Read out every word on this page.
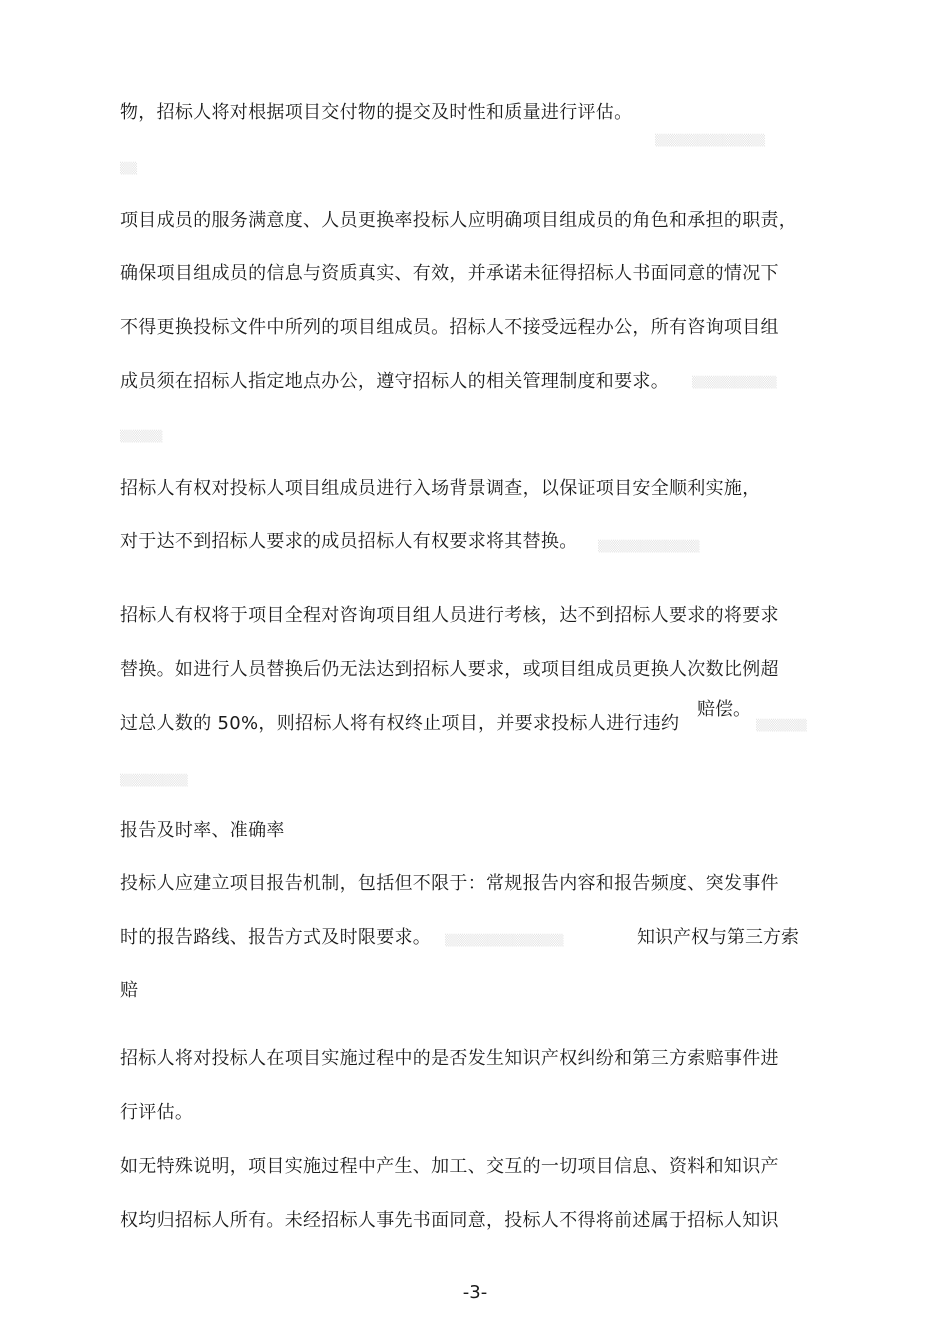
物，招标人将对根据项目交付物的提交及时性和质量进行评估。
▒▒▒▒▒▒▒▒▒▒▒▒▒
▒▒
项目成员的服务满意度、人员更换率投标人应明确项目组成员的角色和承担的职责，
确保项目组成员的信息与资质真实、有效，并承诺未征得招标人书面同意的情况下
不得更换投标文件中所列的项目组成员。招标人不接受远程办公，所有咨询项目组
成员须在招标人指定地点办公，遵守招标人的相关管理制度和要求。 ▒▒▒▒▒▒▒▒▒▒
▒▒▒▒▒
招标人有权对投标人项目组成员进行入场背景调查，以保证项目安全顺利实施，
对于达不到招标人要求的成员招标人有权要求将其替换。 ▒▒▒▒▒▒▒▒▒▒▒▒
招标人有权将于项目全程对咨询项目组人员进行考核，达不到招标人要求的将要求
替换。如进行人员替换后仍无法达到招标人要求，或项目组成员更换人次数比例超
过总人数的 50%，则招标人将有权终止项目，并要求投标人进行违约
赔偿。
▒▒▒▒▒▒
▒▒▒▒▒▒▒▒
报告及时率、准确率
投标人应建立项目报告机制，包括但不限于：常规报告内容和报告频度、突发事件
时的报告路线、报告方式及时限要求。 ▒▒▒▒▒▒▒▒▒▒▒▒▒▒	知识产权与第三方索
赔
招标人将对投标人在项目实施过程中的是否发生知识产权纠纷和第三方索赔事件进
行评估。
如无特殊说明，项目实施过程中产生、加工、交互的一切项目信息、资料和知识产
权均归招标人所有。未经招标人事先书面同意，投标人不得将前述属于招标人知识
-3-
